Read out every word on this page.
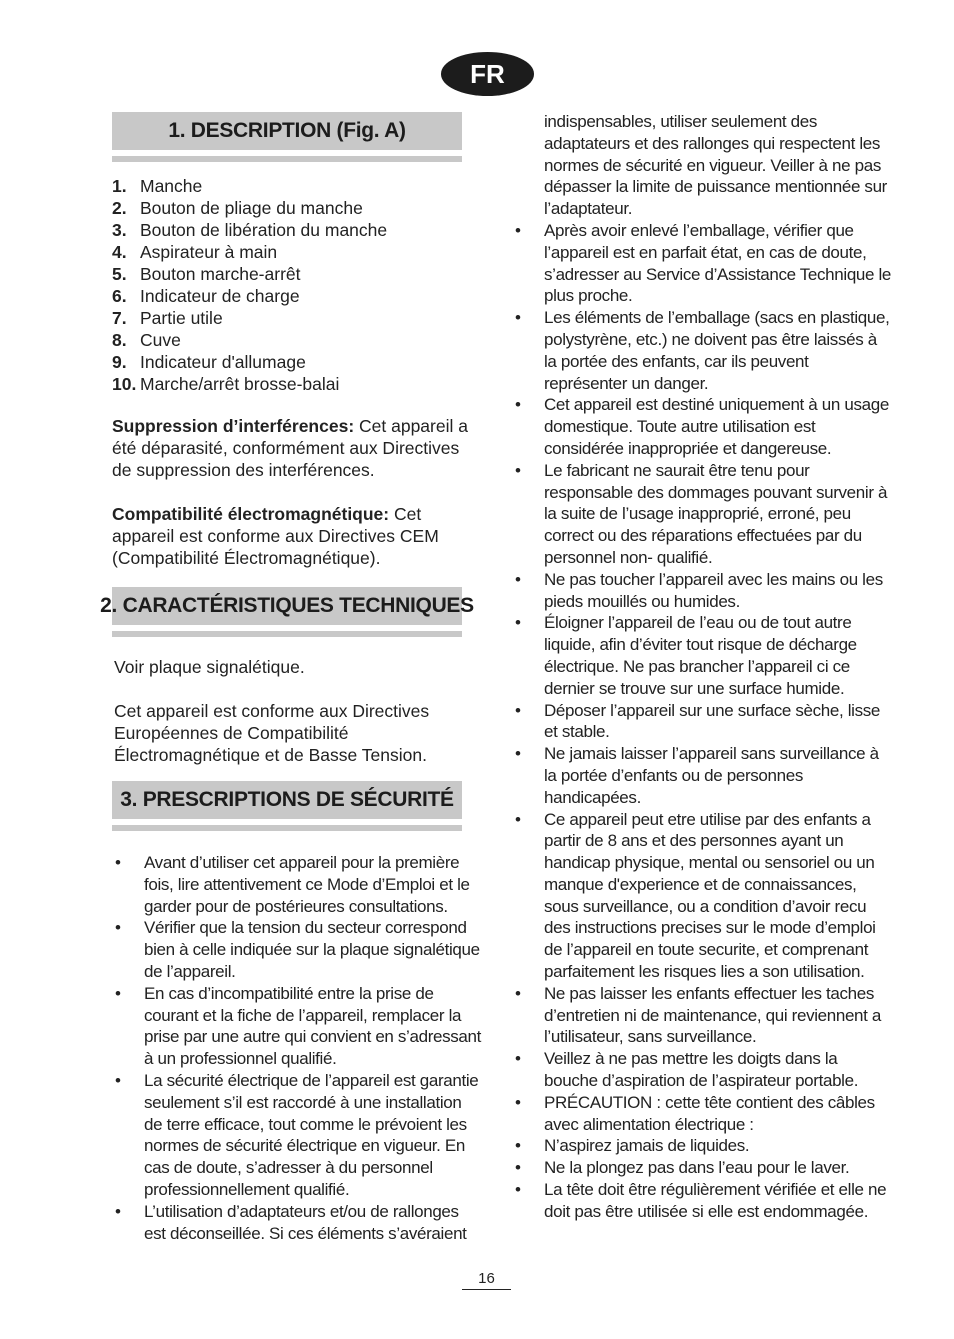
FR
1. DESCRIPTION (Fig. A)
1. Manche
2. Bouton de pliage du manche
3. Bouton de libération du manche
4. Aspirateur à main
5. Bouton marche-arrêt
6. Indicateur de charge
7. Partie utile
8. Cuve
9. Indicateur d'allumage
10. Marche/arrêt brosse-balai
Suppression d’interférences: Cet appareil a été déparasité, conformément aux Directives de suppression des interférences.
Compatibilité électromagnétique: Cet appareil est conforme aux Directives CEM (Compatibilité Électromagnétique).
2. CARACTÉRISTIQUES TECHNIQUES
Voir plaque signalétique.
Cet appareil est conforme aux Directives Européennes de Compatibilité Électromagnétique et de Basse Tension.
3. PRESCRIPTIONS DE SÉCURITÉ
• Avant d’utiliser cet appareil pour la première fois, lire attentivement ce Mode d’Emploi et le garder pour de postérieures consultations.
• Vérifier que la tension du secteur correspond bien à celle indiquée sur la plaque signalétique de l’appareil.
• En cas d’incompatibilité entre la prise de courant et la fiche de l’appareil, remplacer la prise par une autre qui convient en s’adressant à un professionnel qualifié.
• La sécurité électrique de l’appareil est garantie seulement s’il est raccordé à une installation de terre efficace, tout comme le prévoient les normes de sécurité électrique en vigueur. En cas de doute, s’adresser à du personnel professionnellement qualifié.
• L’utilisation d’adaptateurs et/ou de rallonges est déconseillée. Si ces éléments s’avéraient
indispensables, utiliser seulement des adaptateurs et des rallonges qui respectent les normes de sécurité en vigueur. Veiller à ne pas dépasser la limite de puissance mentionnée sur l’adaptateur.
• Après avoir enlevé l’emballage, vérifier que l’appareil est en parfait état, en cas de doute, s’adresser au Service d’Assistance Technique le plus proche.
• Les éléments de l’emballage (sacs en plastique, polystyrène, etc.) ne doivent pas être laissés à la portée des enfants, car ils peuvent représenter un danger.
• Cet appareil est destiné uniquement à un usage domestique. Toute autre utilisation est considérée inappropriée et dangereuse.
• Le fabricant ne saurait être tenu pour responsable des dommages pouvant survenir à la suite de l’usage inapproprié, erroné, peu correct ou des réparations effectuées par du personnel non- qualifié.
• Ne pas toucher l’appareil avec les mains ou les pieds mouillés ou humides.
• Éloigner l’appareil de l’eau ou de tout autre liquide, afin d’éviter tout risque de décharge électrique. Ne pas brancher l’appareil ci ce dernier se trouve sur une surface humide.
• Déposer l’appareil sur une surface sèche, lisse et stable.
• Ne jamais laisser l’appareil sans surveillance à la portée d’enfants ou de personnes handicapées.
• Ce appareil peut etre utilise par des enfants a partir de 8 ans et des personnes ayant un handicap physique, mental ou sensoriel ou un manque d'experience et de connaissances, sous surveillance, ou a condition d’avoir recu des instructions precises sur le mode d’emploi de l’appareil en toute securite, et comprenant parfaitement les risques lies a son utilisation.
• Ne pas laisser les enfants effectuer les taches d’entretien ni de maintenance, qui reviennent a l’utilisateur, sans surveillance.
• Veillez à ne pas mettre les doigts dans la bouche d’aspiration de l’aspirateur portable.
• PRÉCAUTION : cette tête contient des câbles avec alimentation électrique :
• N’aspirez jamais de liquides.
• Ne la plongez pas dans l’eau pour le laver.
• La tête doit être régulièrement vérifiée et elle ne doit pas être utilisée si elle est endommagée.
16
